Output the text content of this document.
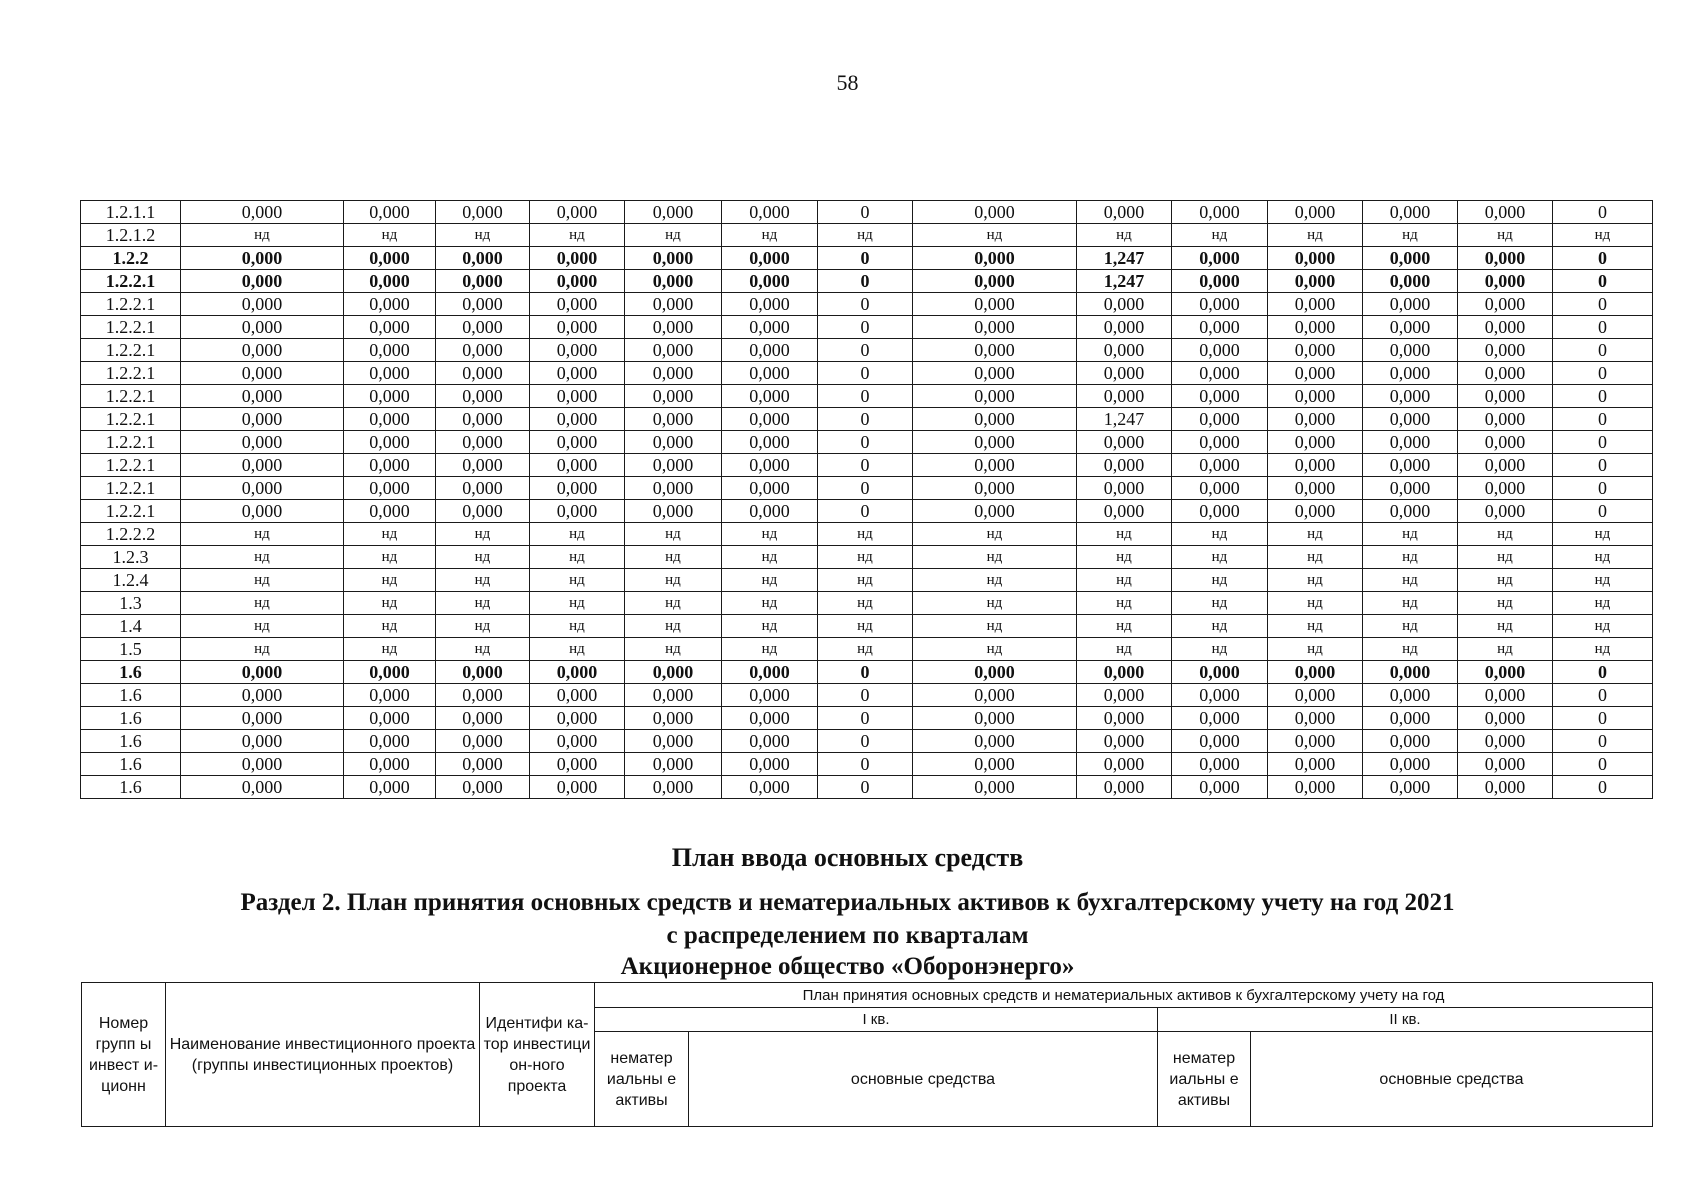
58
1.2.1.1	0,000	0,000	0,000	0,000	0,000	0,000	0	0,000	0,000	0,000	0,000	0,000	0,000	0
1.2.1.2	нд	нд	нд	нд	нд	нд	нд	нд	нд	нд	нд	нд	нд	нд
1.2.2	0,000	0,000	0,000	0,000	0,000	0,000	0	0,000	1,247	0,000	0,000	0,000	0,000	0
1.2.2.1	0,000	0,000	0,000	0,000	0,000	0,000	0	0,000	1,247	0,000	0,000	0,000	0,000	0
1.2.2.1	0,000	0,000	0,000	0,000	0,000	0,000	0	0,000	0,000	0,000	0,000	0,000	0,000	0
1.2.2.1	0,000	0,000	0,000	0,000	0,000	0,000	0	0,000	0,000	0,000	0,000	0,000	0,000	0
1.2.2.1	0,000	0,000	0,000	0,000	0,000	0,000	0	0,000	0,000	0,000	0,000	0,000	0,000	0
1.2.2.1	0,000	0,000	0,000	0,000	0,000	0,000	0	0,000	0,000	0,000	0,000	0,000	0,000	0
1.2.2.1	0,000	0,000	0,000	0,000	0,000	0,000	0	0,000	0,000	0,000	0,000	0,000	0,000	0
1.2.2.1	0,000	0,000	0,000	0,000	0,000	0,000	0	0,000	1,247	0,000	0,000	0,000	0,000	0
1.2.2.1	0,000	0,000	0,000	0,000	0,000	0,000	0	0,000	0,000	0,000	0,000	0,000	0,000	0
1.2.2.1	0,000	0,000	0,000	0,000	0,000	0,000	0	0,000	0,000	0,000	0,000	0,000	0,000	0
1.2.2.1	0,000	0,000	0,000	0,000	0,000	0,000	0	0,000	0,000	0,000	0,000	0,000	0,000	0
1.2.2.1	0,000	0,000	0,000	0,000	0,000	0,000	0	0,000	0,000	0,000	0,000	0,000	0,000	0
1.2.2.2	нд	нд	нд	нд	нд	нд	нд	нд	нд	нд	нд	нд	нд	нд
1.2.3	нд	нд	нд	нд	нд	нд	нд	нд	нд	нд	нд	нд	нд	нд
1.2.4	нд	нд	нд	нд	нд	нд	нд	нд	нд	нд	нд	нд	нд	нд
1.3	нд	нд	нд	нд	нд	нд	нд	нд	нд	нд	нд	нд	нд	нд
1.4	нд	нд	нд	нд	нд	нд	нд	нд	нд	нд	нд	нд	нд	нд
1.5	нд	нд	нд	нд	нд	нд	нд	нд	нд	нд	нд	нд	нд	нд
1.6	0,000	0,000	0,000	0,000	0,000	0,000	0	0,000	0,000	0,000	0,000	0,000	0,000	0
1.6	0,000	0,000	0,000	0,000	0,000	0,000	0	0,000	0,000	0,000	0,000	0,000	0,000	0
1.6	0,000	0,000	0,000	0,000	0,000	0,000	0	0,000	0,000	0,000	0,000	0,000	0,000	0
1.6	0,000	0,000	0,000	0,000	0,000	0,000	0	0,000	0,000	0,000	0,000	0,000	0,000	0
1.6	0,000	0,000	0,000	0,000	0,000	0,000	0	0,000	0,000	0,000	0,000	0,000	0,000	0
1.6	0,000	0,000	0,000	0,000	0,000	0,000	0	0,000	0,000	0,000	0,000	0,000	0,000	0
План ввода основных средств
Раздел 2. План принятия основных средств и нематериальных активов к бухгалтерскому учету на год 2021
с распределением по кварталам
Акционерное общество «Оборонэнерго»
Номер групп ы инвест и- ционн	Наименование инвестиционного проекта (группы инвестиционных проектов)	Идентифи ка-тор инвестици он-ного проекта	План принятия основных средств и нематериальных активов к бухгалтерскому учету на год			
			I кв.		II кв.	
			нематер иальны е активы	основные средства	нематер иальны е активы	основные средства
